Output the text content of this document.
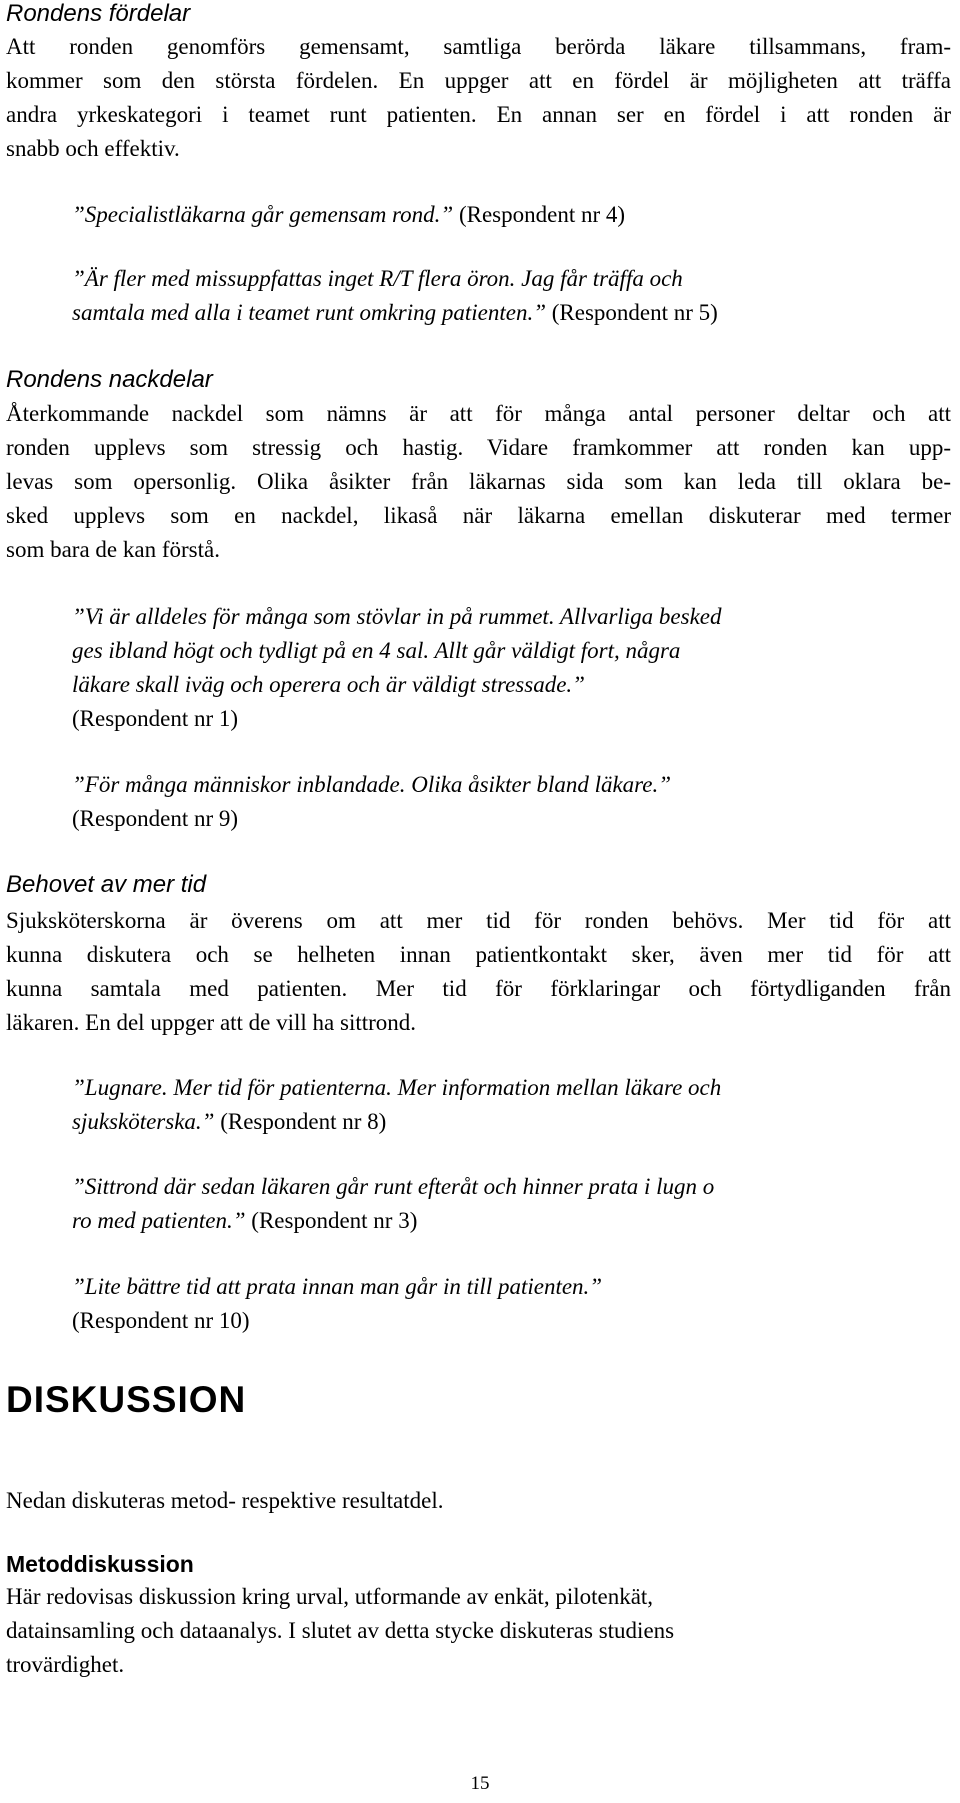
Rondens fördelar
Att ronden genomförs gemensamt, samtliga berörda läkare tillsammans, fram-
kommer som den största fördelen. En uppger att en fördel är möjligheten att träffa
andra yrkeskategori i teamet runt patienten. En annan ser en fördel i att ronden är
snabb och effektiv.
”Specialistläkarna går gemensam rond.” (Respondent nr 4)
”Är fler med missuppfattas inget R/T flera öron. Jag får träffa och
samtala med alla i teamet runt omkring patienten.” (Respondent nr 5)
Rondens nackdelar
Återkommande nackdel som nämns är att för många antal personer deltar och att
ronden upplevs som stressig och hastig. Vidare framkommer att ronden kan upp-
levas som opersonlig. Olika åsikter från läkarnas sida som kan leda till oklara be-
sked upplevs som en nackdel, likaså när läkarna emellan diskuterar med termer
som bara de kan förstå.
”Vi är alldeles för många som stövlar in på rummet. Allvarliga besked
ges ibland högt och tydligt på en 4 sal. Allt går väldigt fort, några
läkare skall iväg och operera och är väldigt stressade.”
(Respondent nr 1)
”För många människor inblandade. Olika åsikter bland läkare.”
(Respondent nr 9)
Behovet av mer tid
Sjuksköterskorna är överens om att mer tid för ronden behövs. Mer tid för att
kunna diskutera och se helheten innan patientkontakt sker, även mer tid för att
kunna samtala med patienten. Mer tid för förklaringar och förtydliganden från
läkaren. En del uppger att de vill ha sittrond.
”Lugnare. Mer tid för patienterna. Mer information mellan läkare och
sjuksköterska.” (Respondent nr 8)
”Sittrond där sedan läkaren går runt efteråt och hinner prata i lugn o
ro med patienten.” (Respondent nr 3)
”Lite bättre tid att prata innan man går in till patienten.”
(Respondent nr 10)
DISKUSSION
Nedan diskuteras metod- respektive resultatdel.
Metoddiskussion
Här redovisas diskussion kring urval, utformande av enkät, pilotenkät,
datainsamling och dataanalys. I slutet av detta stycke diskuteras studiens
trovärdighet.
15
